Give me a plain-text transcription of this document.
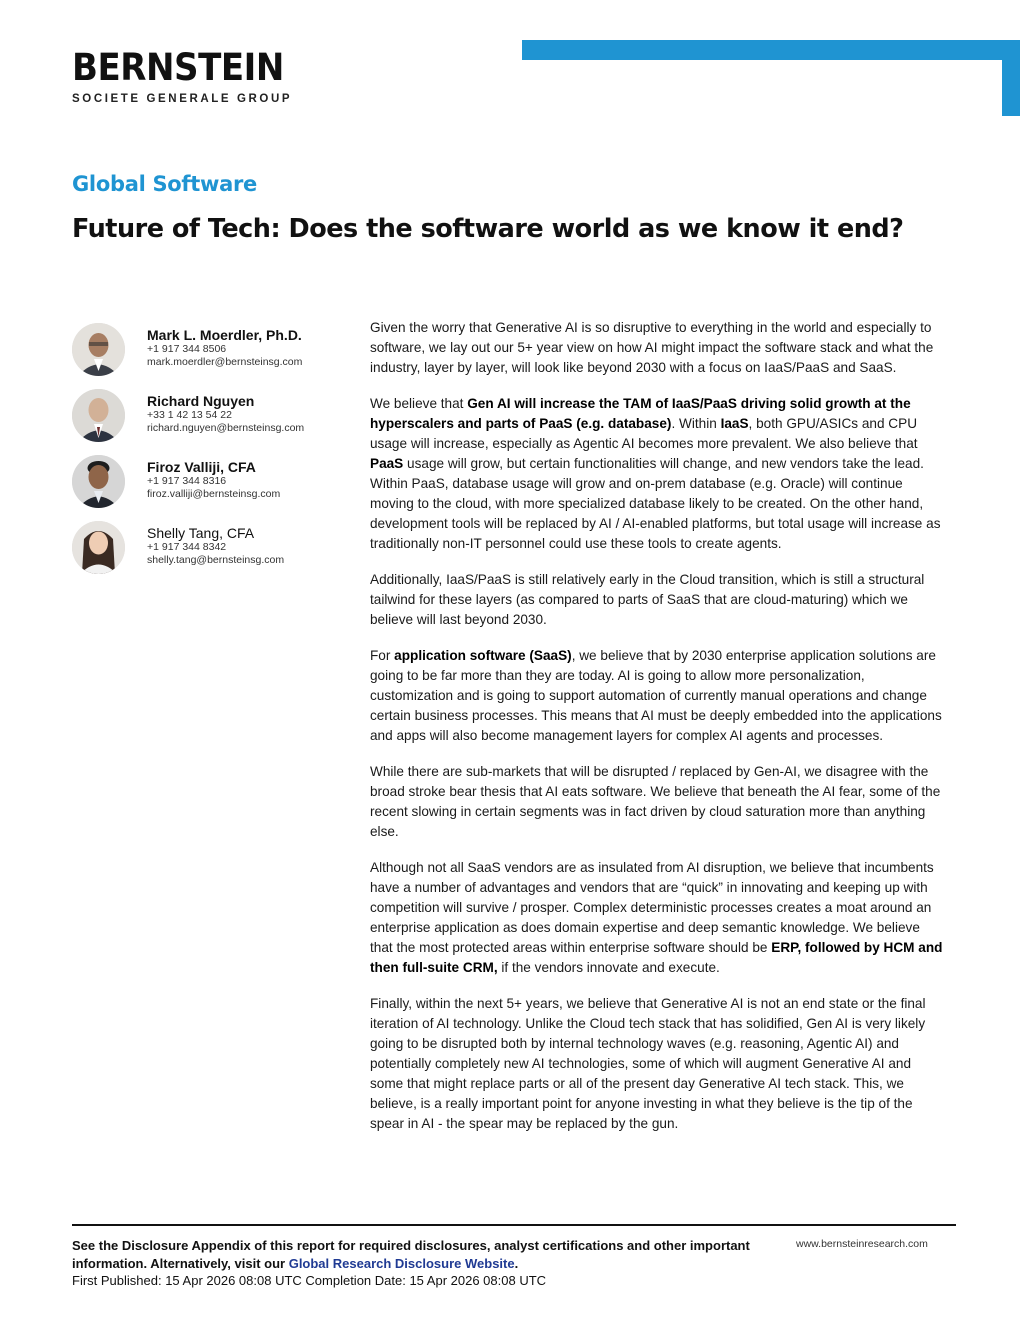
BERNSTEIN
SOCIETE GENERALE GROUP
Global Software
Future of Tech: Does the software world as we know it end?
Mark L. Moerdler, Ph.D.
+1 917 344 8506
mark.moerdler@bernsteinsg.com
Richard Nguyen
+33 1 42 13 54 22
richard.nguyen@bernsteinsg.com
Firoz Valliji, CFA
+1 917 344 8316
firoz.valliji@bernsteinsg.com
Shelly Tang, CFA
+1 917 344 8342
shelly.tang@bernsteinsg.com

Given the worry that Generative AI is so disruptive to everything in the world and especially to software, we lay out our 5+ year view on how AI might impact the software stack and what the industry, layer by layer, will look like beyond 2030 with a focus on IaaS/PaaS and SaaS.

We believe that Gen AI will increase the TAM of IaaS/PaaS driving solid growth at the hyperscalers and parts of PaaS (e.g. database). Within IaaS, both GPU/ASICs and CPU usage will increase, especially as Agentic AI becomes more prevalent. We also believe that PaaS usage will grow, but certain functionalities will change, and new vendors take the lead. Within PaaS, database usage will grow and on-prem database (e.g. Oracle) will continue moving to the cloud, with more specialized database likely to be created. On the other hand, development tools will be replaced by AI / AI-enabled platforms, but total usage will increase as traditionally non-IT personnel could use these tools to create agents.

Additionally, IaaS/PaaS is still relatively early in the Cloud transition, which is still a structural tailwind for these layers (as compared to parts of SaaS that are cloud-maturing) which we believe will last beyond 2030.

For application software (SaaS), we believe that by 2030 enterprise application solutions are going to be far more than they are today. AI is going to allow more personalization, customization and is going to support automation of currently manual operations and change certain business processes. This means that AI must be deeply embedded into the applications and apps will also become management layers for complex AI agents and processes.

While there are sub-markets that will be disrupted / replaced by Gen-AI, we disagree with the broad stroke bear thesis that AI eats software. We believe that beneath the AI fear, some of the recent slowing in certain segments was in fact driven by cloud saturation more than anything else.

Although not all SaaS vendors are as insulated from AI disruption, we believe that incumbents have a number of advantages and vendors that are “quick” in innovating and keeping up with competition will survive / prosper. Complex deterministic processes creates a moat around an enterprise application as does domain expertise and deep semantic knowledge. We believe that the most protected areas within enterprise software should be ERP, followed by HCM and then full-suite CRM, if the vendors innovate and execute.

Finally, within the next 5+ years, we believe that Generative AI is not an end state or the final iteration of AI technology. Unlike the Cloud tech stack that has solidified, Gen AI is very likely going to be disrupted both by internal technology waves (e.g. reasoning, Agentic AI) and potentially completely new AI technologies, some of which will augment Generative AI and some that might replace parts or all of the present day Generative AI tech stack. This, we believe, is a really important point for anyone investing in what they believe is the tip of the spear in AI - the spear may be replaced by the gun.

See the Disclosure Appendix of this report for required disclosures, analyst certifications and other important information. Alternatively, visit our Global Research Disclosure Website.
First Published: 15 Apr 2026 08:08 UTC Completion Date: 15 Apr 2026 08:08 UTC
www.bernsteinresearch.com
